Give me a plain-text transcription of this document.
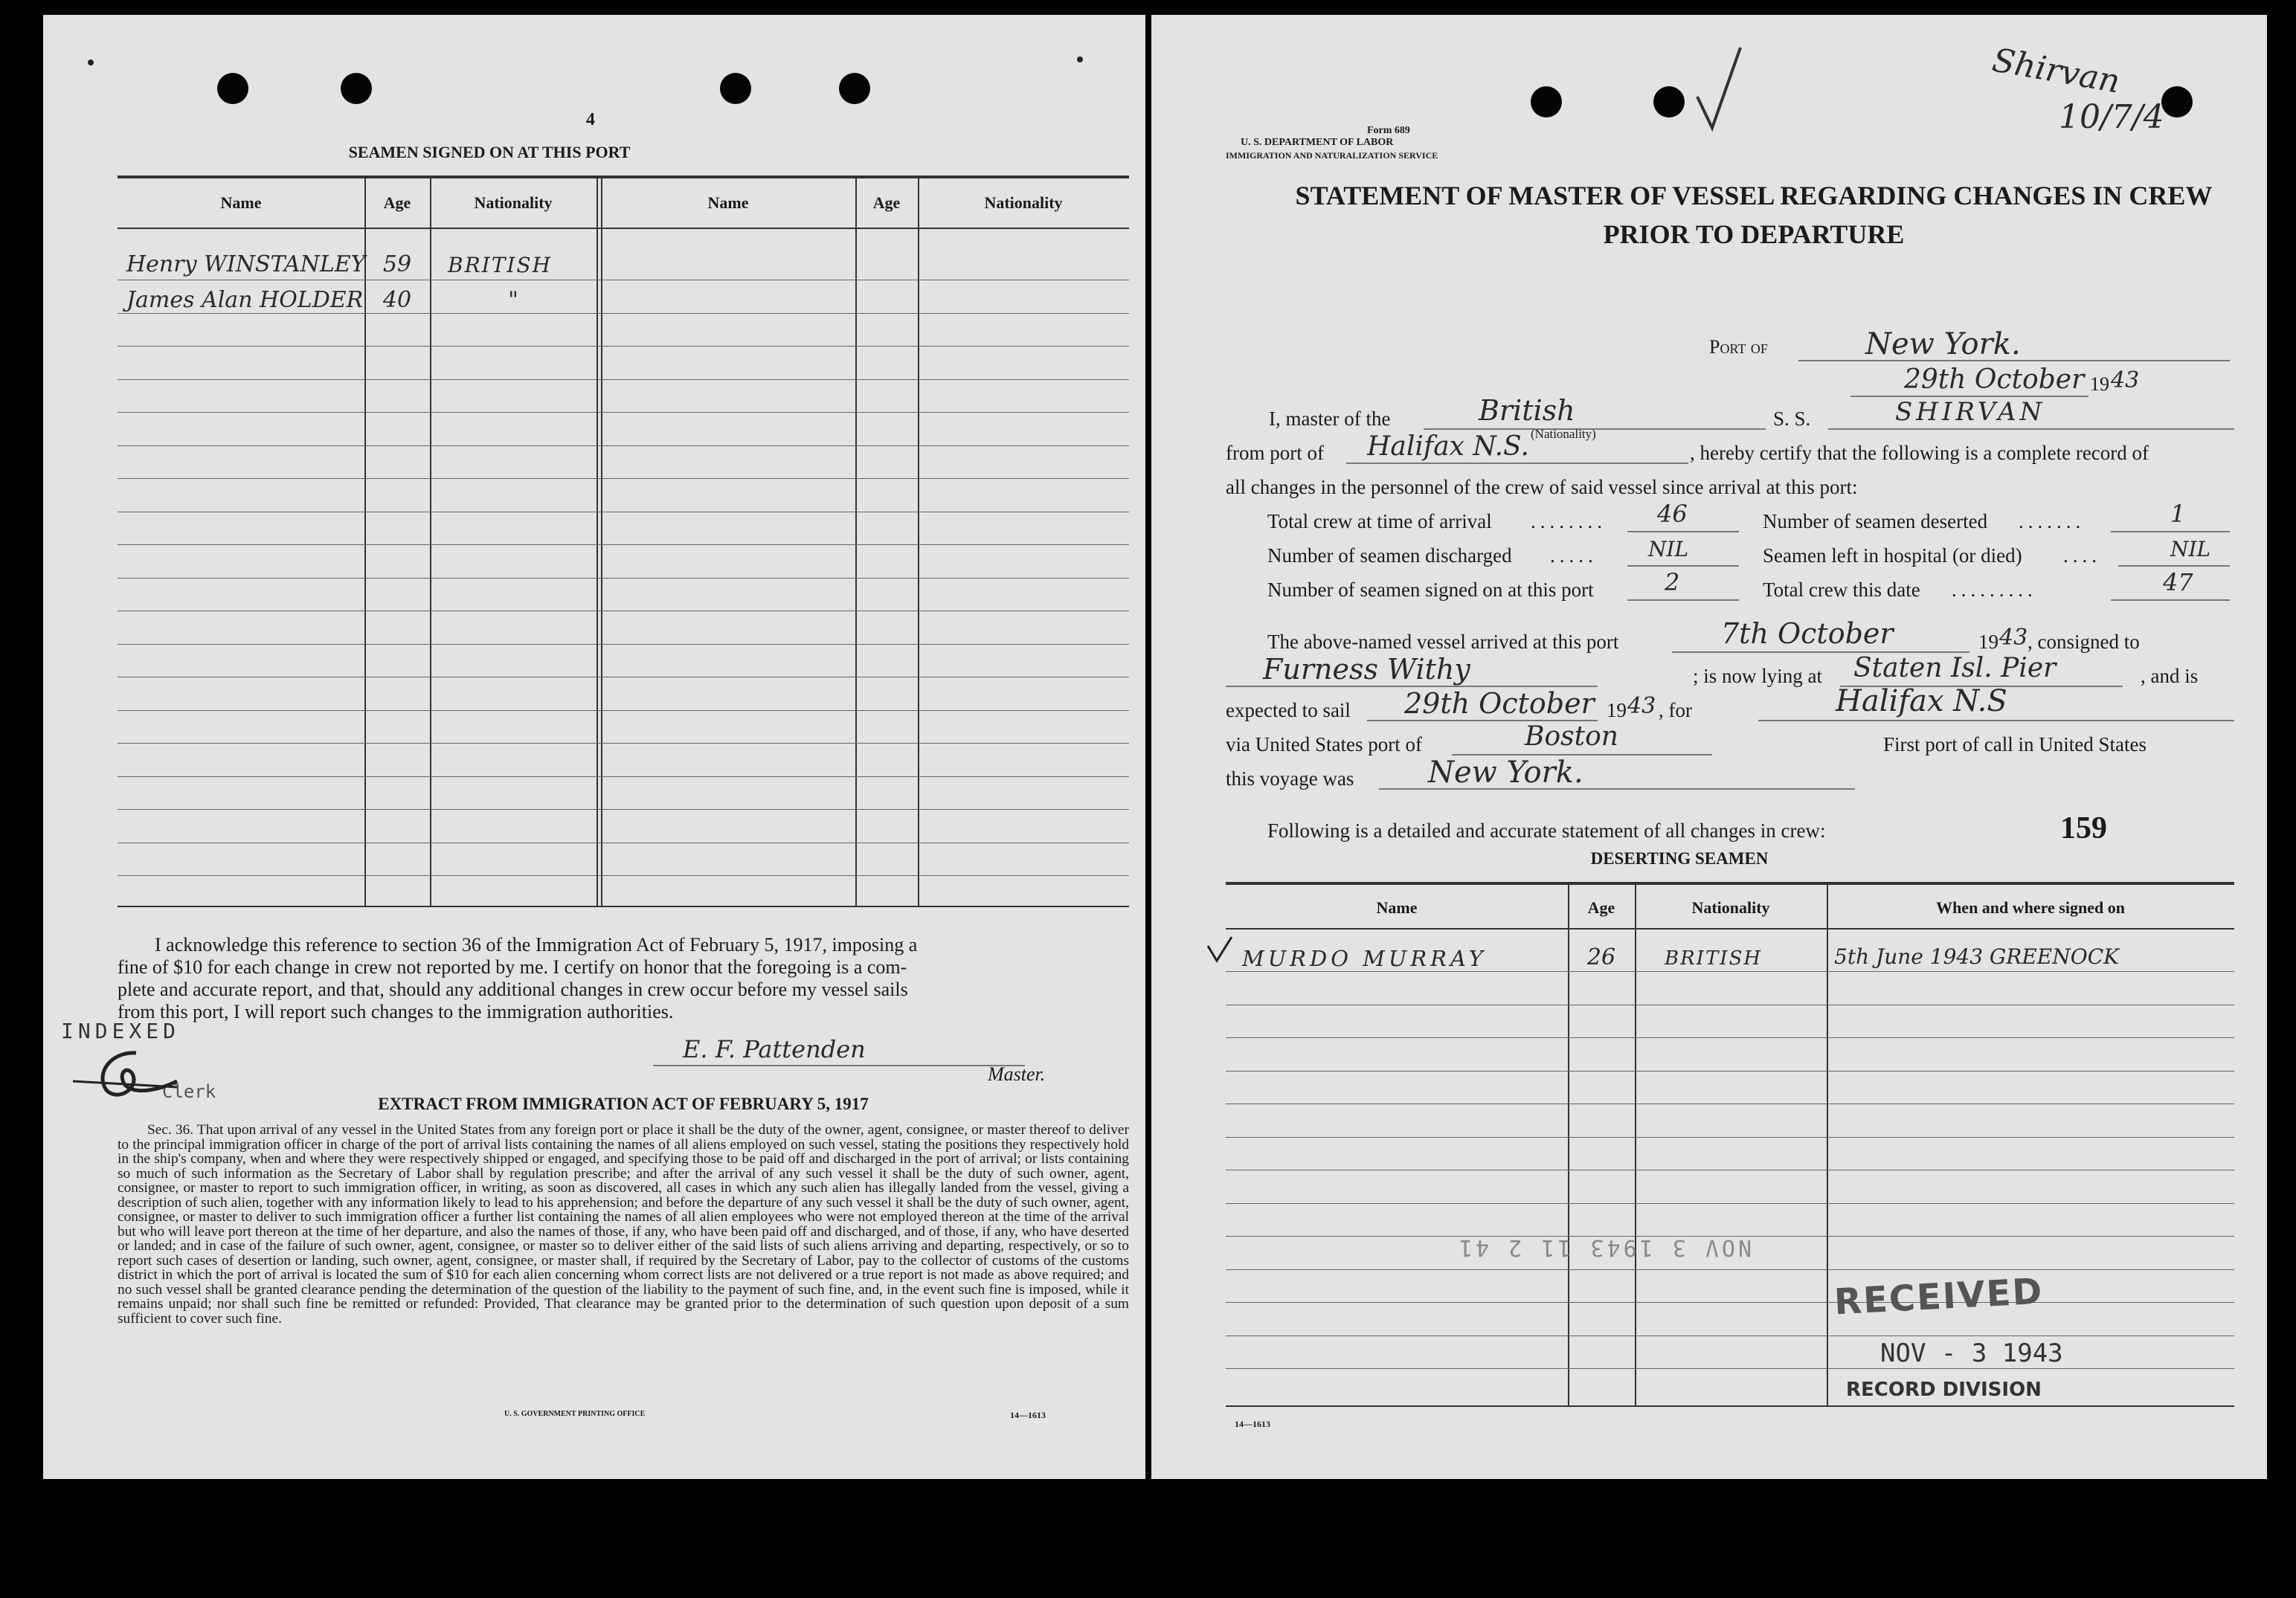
4
SEAMEN SIGNED ON AT THIS PORT
Name	Age	Nationality	Name	Age	Nationality
Henry WINSTANLEY 59	BRITISH
James Alan HOLDER 40	"
I acknowledge this reference to section 36 of the Immigration Act of February 5, 1917, imposing a
fine of $10 for each change in crew not reported by me. I certify on honor that the foregoing is a com-
plete and accurate report, and that, should any additional changes in crew occur before my vessel sails
from this port, I will report such changes to the immigration authorities.
INDEXED
Clerk
E. F. Pattenden
Master.
EXTRACT FROM IMMIGRATION ACT OF FEBRUARY 5, 1917
Sec. 36. That upon arrival of any vessel in the United States from any foreign port or place it shall be the duty of the owner, agent, consignee, or master thereof to deliver to the principal immigration officer in charge of the port of arrival lists containing the names of all aliens employed on such vessel, stating the positions they respectively hold in the ship's company, when and where they were respectively shipped or engaged, and specifying those to be paid off and discharged in the port of arrival; or lists containing so much of such information as the Secretary of Labor shall by regulation prescribe; and after the arrival of any such vessel it shall be the duty of such owner, agent, consignee, or master to report to such immigration officer, in writing, as soon as discovered, all cases in which any such alien has illegally landed from the vessel, giving a description of such alien, together with any information likely to lead to his apprehension; and before the departure of any such vessel it shall be the duty of such owner, agent, consignee, or master to deliver to such immigration officer a further list containing the names of all alien employees who were not employed thereon at the time of the arrival but who will leave port thereon at the time of her departure, and also the names of those, if any, who have been paid off and discharged, and of those, if any, who have deserted or landed; and in case of the failure of such owner, agent, consignee, or master so to deliver either of the said lists of such aliens arriving and departing, respectively, or so to report such cases of desertion or landing, such owner, agent, consignee, or master shall, if required by the Secretary of Labor, pay to the collector of customs of the customs district in which the port of arrival is located the sum of $10 for each alien concerning whom correct lists are not delivered or a true report is not made as above required; and no such vessel shall be granted clearance pending the determination of the question of the liability to the payment of such fine, and, in the event such fine is imposed, while it remains unpaid; nor shall such fine be remitted or refunded: Provided, That clearance may be granted prior to the determination of such question upon deposit of a sum sufficient to cover such fine.
U. S. GOVERNMENT PRINTING OFFICE	14—1613
Shirvan
10/7/4
Form 689
U. S. DEPARTMENT OF LABOR
IMMIGRATION AND NATURALIZATION SERVICE
STATEMENT OF MASTER OF VESSEL REGARDING CHANGES IN CREW
PRIOR TO DEPARTURE
Port of	New York.
29th October 19 43
I, master of the	British
(Nationality)
S. S.	SHIRVAN
from port of Halifax N.S.	, hereby certify that the following is a complete record of
all changes in the personnel of the crew of said vessel since arrival at this port:
Total crew at time of arrival ........ 46	Number of seamen deserted .......	1
Number of seamen discharged ..... NIL	Seamen left in hospital (or died) ....	NIL
Number of seamen signed on at this port	2	Total crew this date .........	47
The above-named vessel arrived at this port	7th October	19 43 , consigned to
Furness Withy	; is now lying at Staten Isl. Pier	, and is
expected to sail 29th October 19 43 , for	Halifax N.S
via United States port of	Boston	First port of call in United States
this voyage was New York.
Following is a detailed and accurate statement of all changes in crew:	159
DESERTING SEAMEN
Name	Age	Nationality	When and where signed on
MURDO MURRAY	26	BRITISH	5th June 1943 GREENOCK
NOV 3 1943 11 2 41
RECEIVED
NOV - 3 1943
RECORD DIVISION
14—1613
